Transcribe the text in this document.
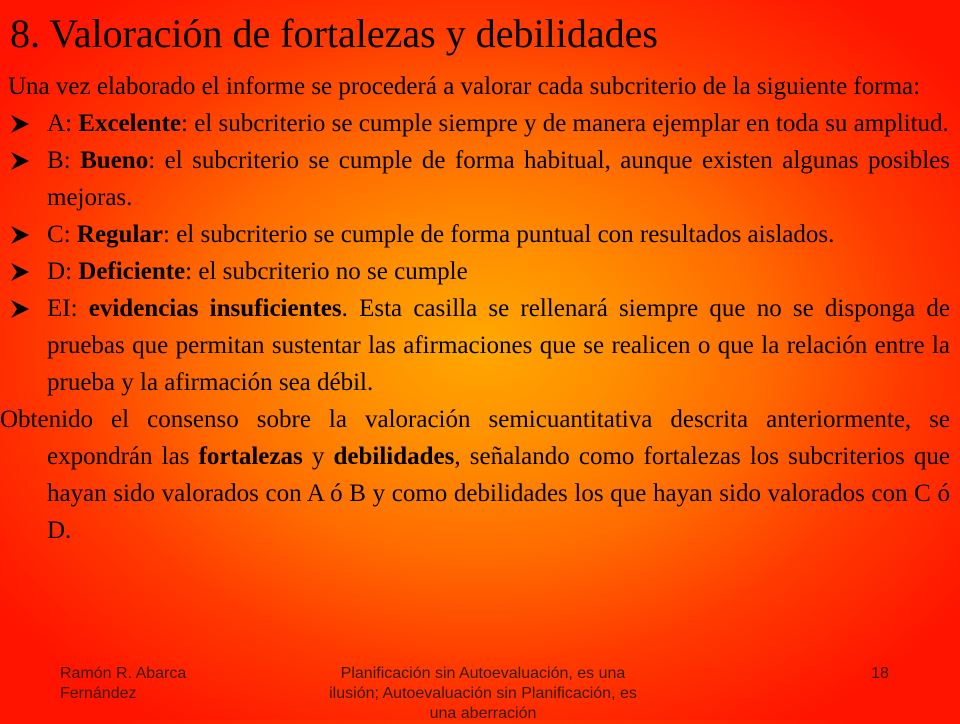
8. Valoración de fortalezas y debilidades

Una vez elaborado el informe se procederá a valorar cada subcriterio de la siguiente forma:

A: Excelente: el subcriterio se cumple siempre y de manera ejemplar en toda su amplitud.
B: Bueno: el subcriterio se cumple de forma habitual, aunque existen algunas posibles mejoras.
C: Regular: el subcriterio se cumple de forma puntual con resultados aislados.
D: Deficiente: el subcriterio no se cumple
EI: evidencias insuficientes. Esta casilla se rellenará siempre que no se disponga de pruebas que permitan sustentar las afirmaciones que se realicen o que la relación entre la prueba y la afirmación sea débil.

Obtenido el consenso sobre la valoración semicuantitativa descrita anteriormente, se expondrán las fortalezas y debilidades, señalando como fortalezas los subcriterios que hayan sido valorados con A ó B y como debilidades los que hayan sido valorados con C ó D.

Ramón R. Abarca Fernández
Planificación sin Autoevaluación, es una ilusión; Autoevaluación sin Planificación, es una aberración
18
